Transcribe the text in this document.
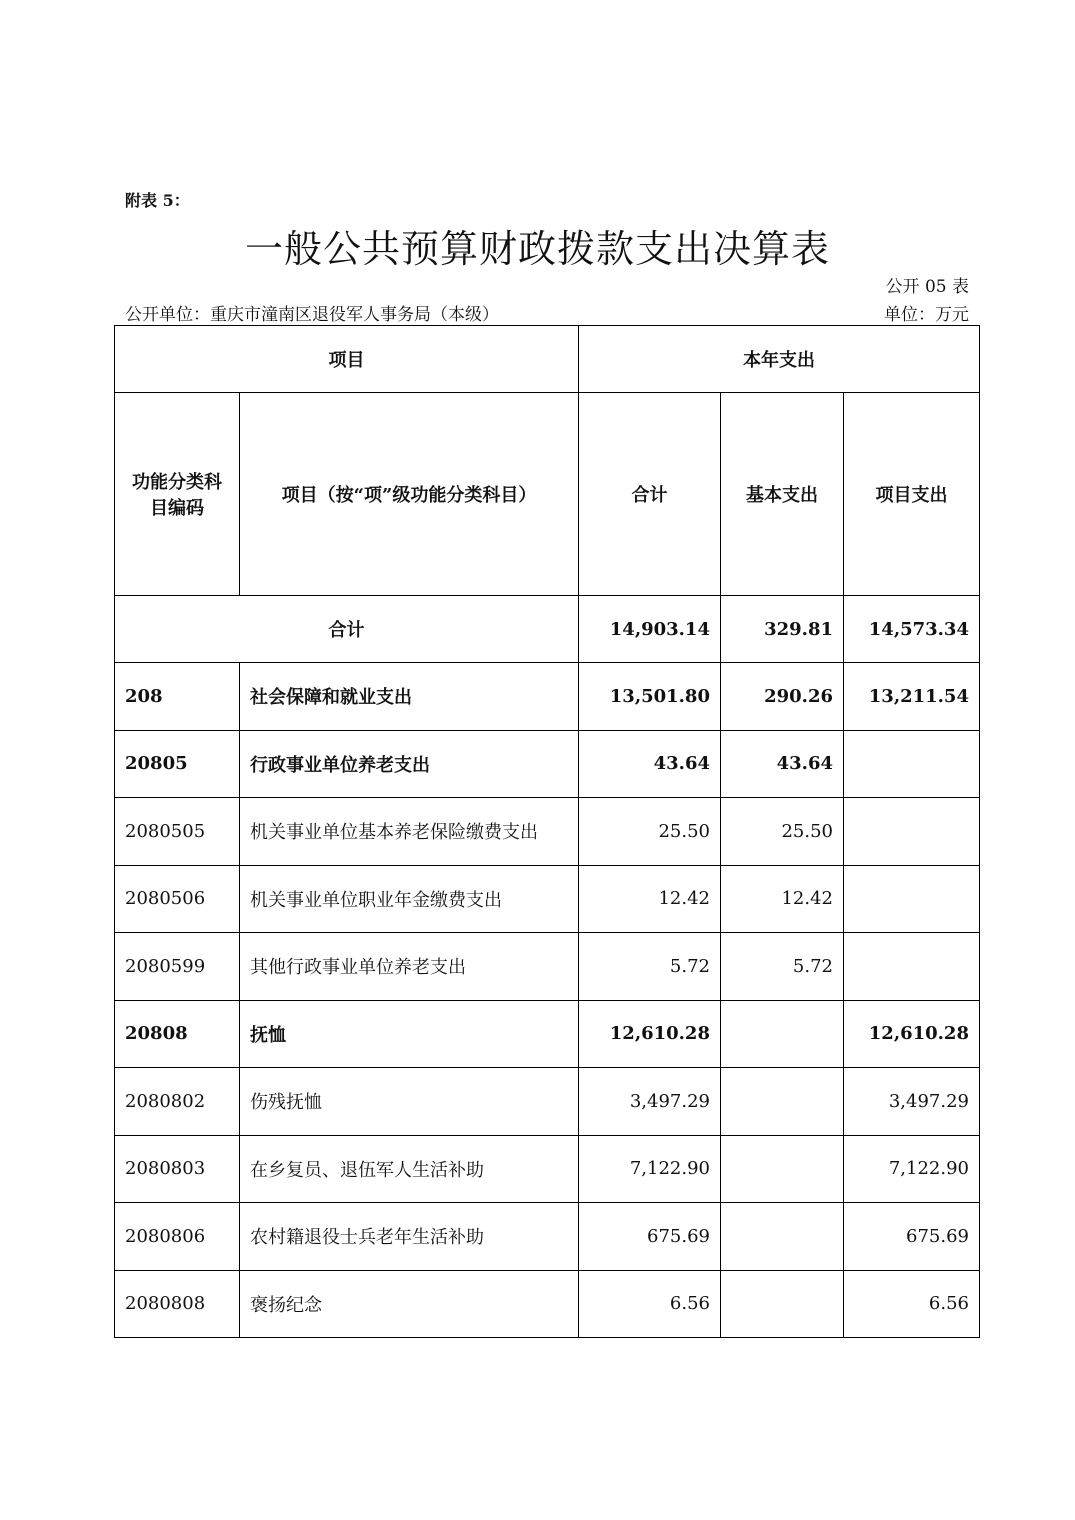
附表 5：
一般公共预算财政拨款支出决算表
公开 05 表
公开单位：重庆市潼南区退役军人事务局（本级）	单位：万元
项目		本年支出		
功能分类科目编码	项目（按“项”级功能分类科目）	合计	基本支出	项目支出
合计		14,903.14	329.81	14,573.34
208	社会保障和就业支出	13,501.80	290.26	13,211.54
20805	行政事业单位养老支出	43.64	43.64	
2080505	机关事业单位基本养老保险缴费支出	25.50	25.50	
2080506	机关事业单位职业年金缴费支出	12.42	12.42	
2080599	其他行政事业单位养老支出	5.72	5.72	
20808	抚恤	12,610.28		12,610.28
2080802	伤残抚恤	3,497.29		3,497.29
2080803	在乡复员、退伍军人生活补助	7,122.90		7,122.90
2080806	农村籍退役士兵老年生活补助	675.69		675.69
2080808	褒扬纪念	6.56		6.56
